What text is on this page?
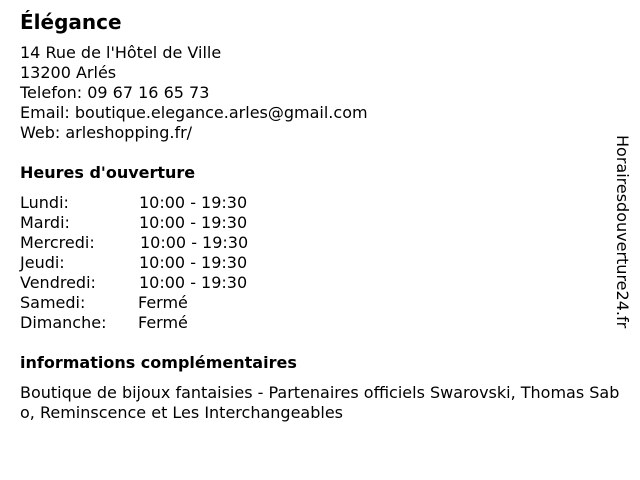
Élégance
14 Rue de l'Hôtel de Ville
13200 Arlés
Telefon: 09 67 16 65 73
Email: boutique.elegance.arles@gmail.com
Web: arleshopping.fr/
Heures d'ouverture
Lundi:	10:00 - 19:30
Mardi:	10:00 - 19:30
Mercredi:	10:00 - 19:30
Jeudi:	10:00 - 19:30
Vendredi:	10:00 - 19:30
Samedi:	Fermé
Dimanche: Fermé
informations complémentaires

Boutique de bijoux fantaisies - Partenaires officiels Swarovski, Thomas Sabo, Reminscence et Les Interchangeables

Horairesdouverture24.fr
